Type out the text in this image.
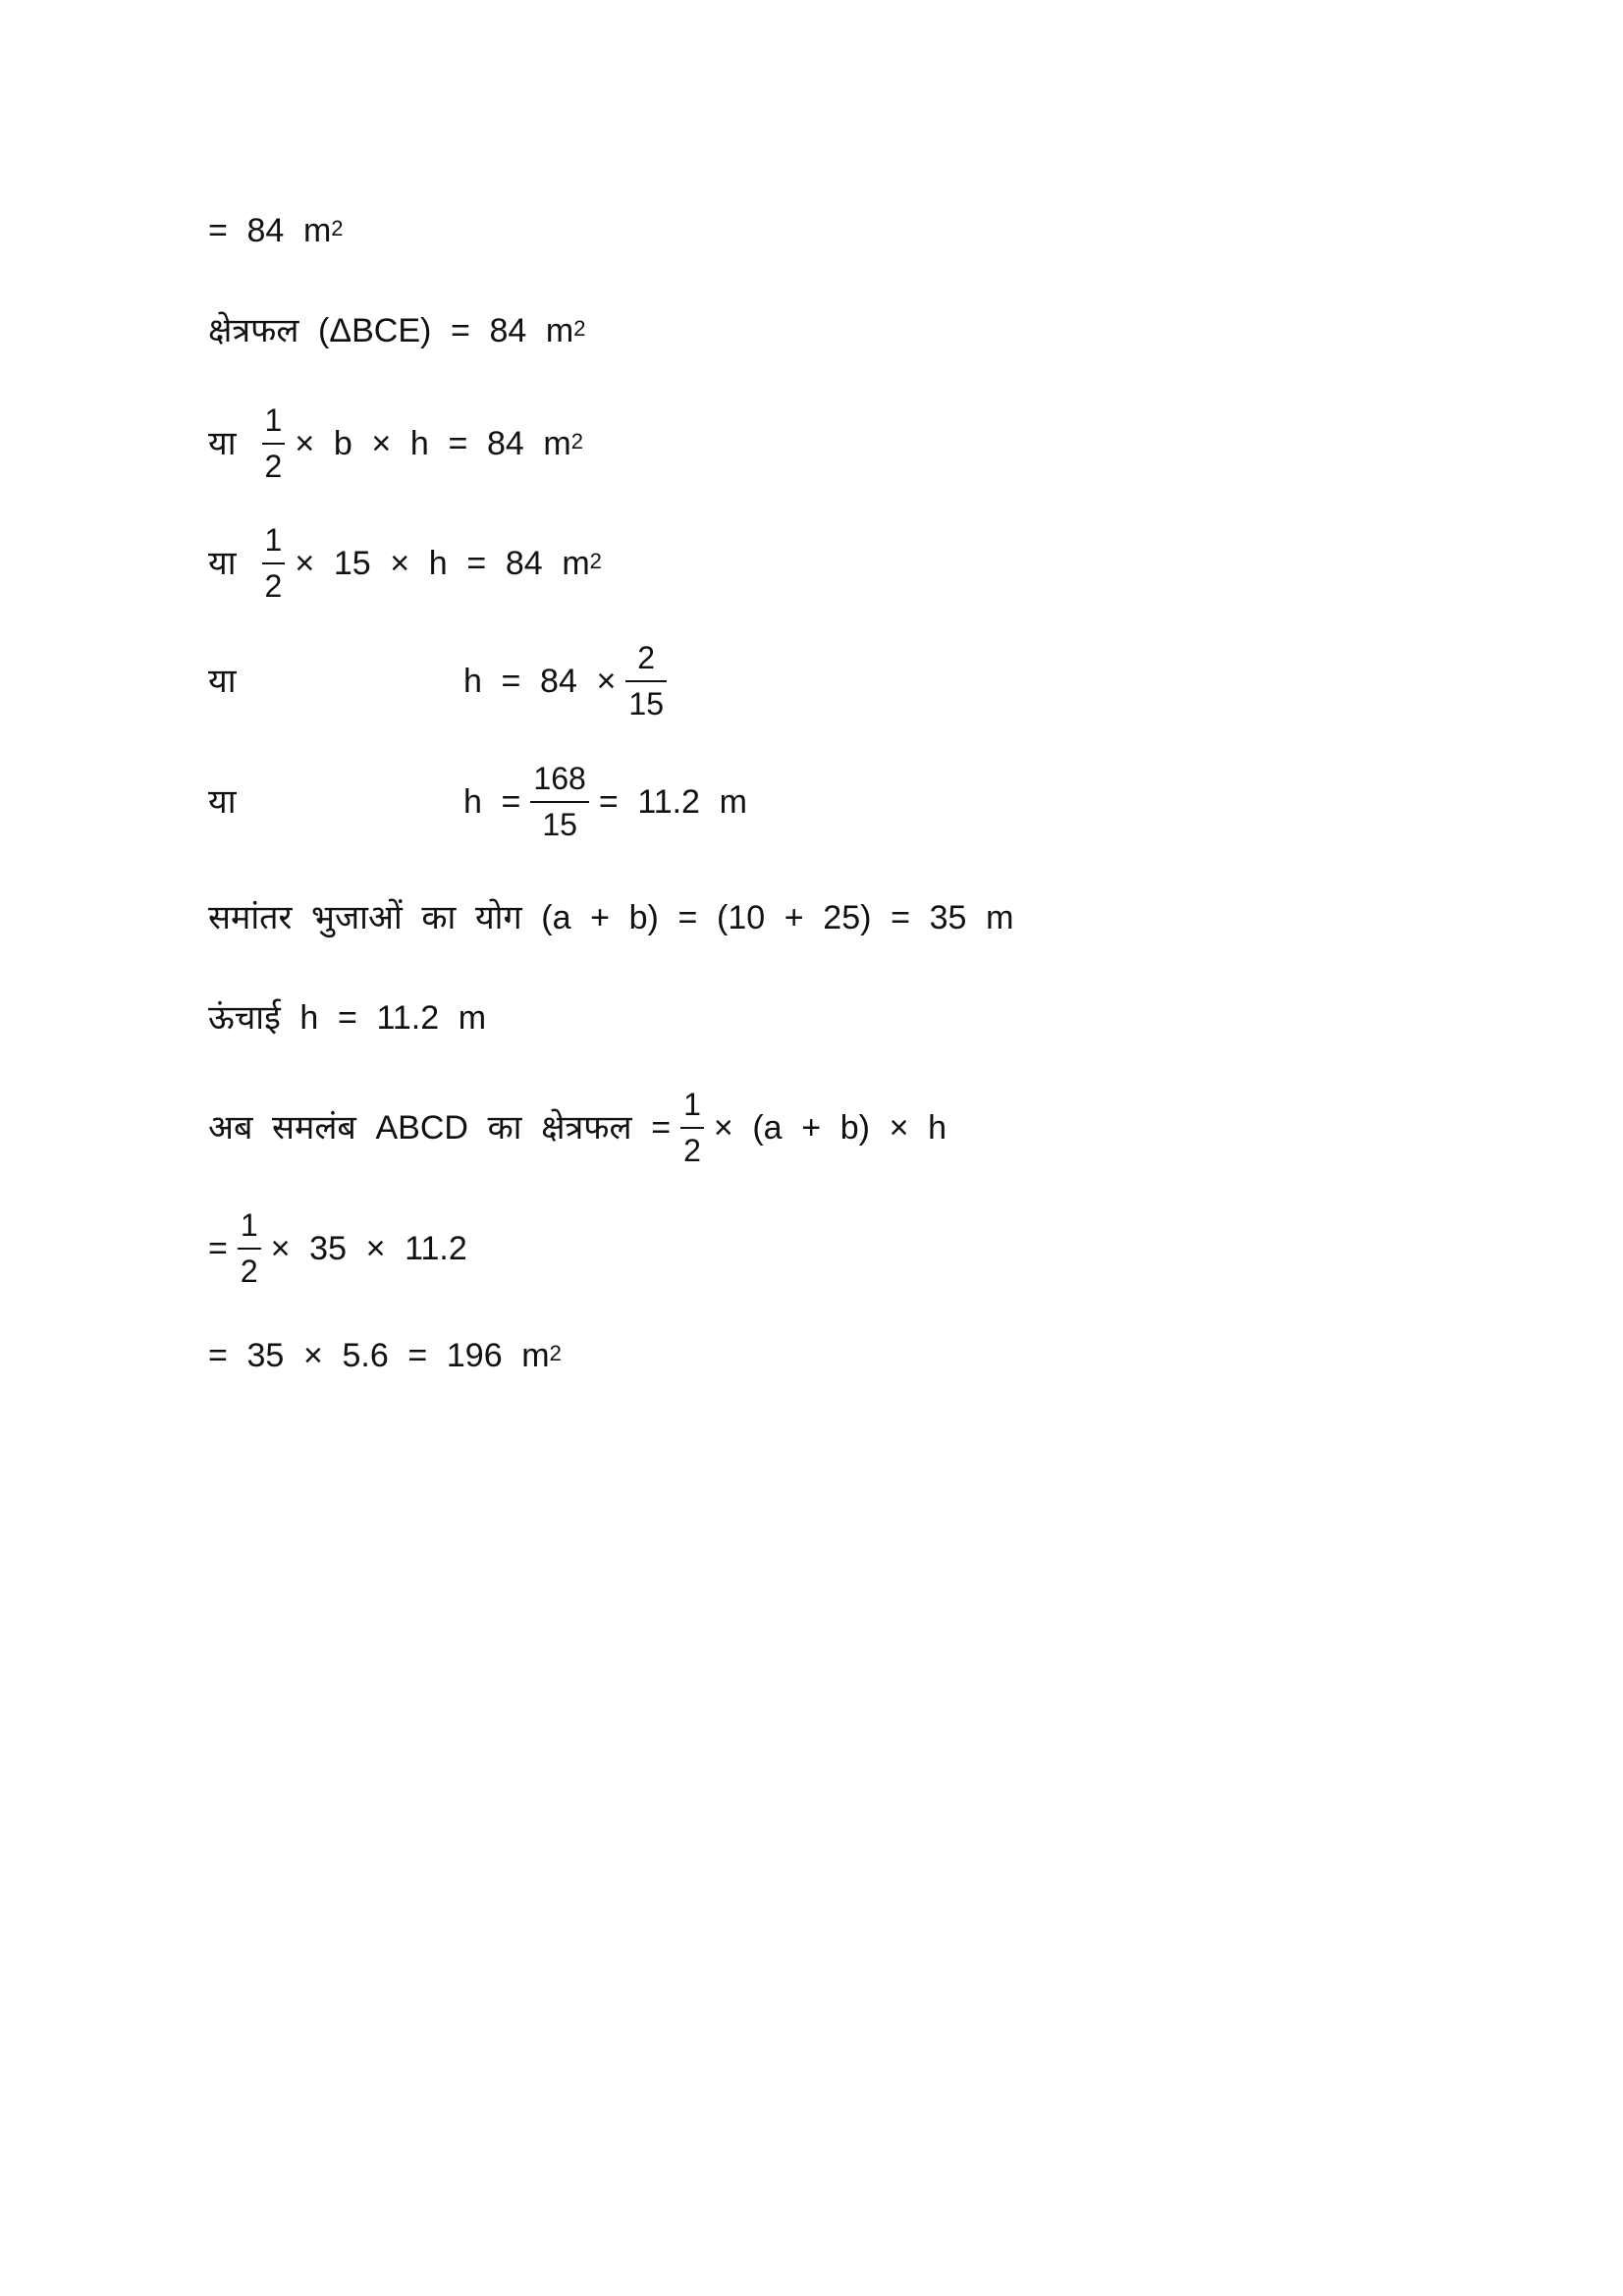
= 84 m 2
क्षेत्रफल (ΔBCE) = 84 m 2
या $\frac{1}{2} \times b \times h = 84$ m 2
या $\frac{1}{2} \times 15 \times h = 84$ m 2
या	$h = 84 \times \frac{2}{15}$
या	$h = \frac{168}{15} = 11.2$ m
समांतर भुजाओं का योग (a + b) = (10 + 25) = 35 m
ऊंचाई h = 11.2 m
अब समलंब ABCD का क्षेत्रफल = $\frac{1}{2} \times (a + b) \times h$
= $\frac{1}{2} \times 35 \times 11.2$
= 35 × 5.6 = 196 m 2
